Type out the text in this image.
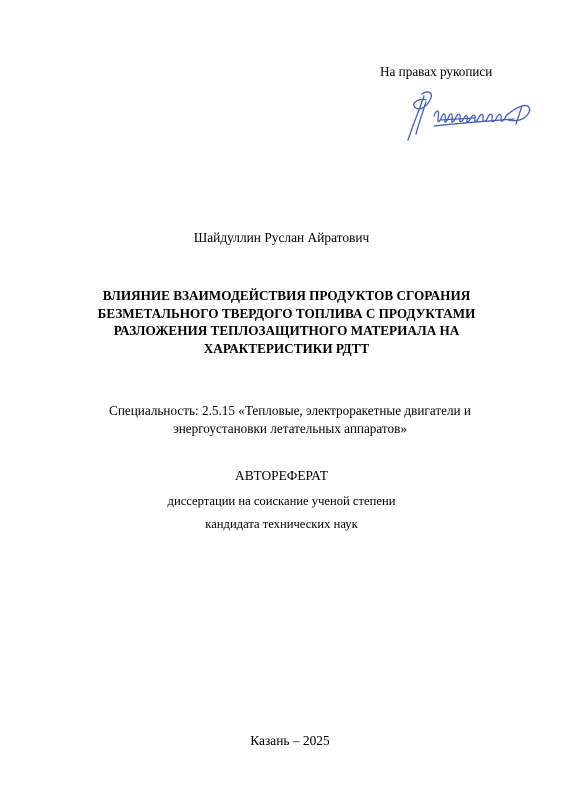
На правах рукописи
Шайдуллин Руслан Айратович
ВЛИЯНИЕ ВЗАИМОДЕЙСТВИЯ ПРОДУКТОВ СГОРАНИЯ
БЕЗМЕТАЛЬНОГО ТВЕРДОГО ТОПЛИВА С ПРОДУКТАМИ
РАЗЛОЖЕНИЯ ТЕПЛОЗАЩИТНОГО МАТЕРИАЛА НА
ХАРАКТЕРИСТИКИ РДТТ
Специальность: 2.5.15 «Тепловые, электроракетные двигатели и
энергоустановки летательных аппаратов»
АВТОРЕФЕРАТ
диссертации на соискание ученой степени
кандидата технических наук
Казань – 2025
